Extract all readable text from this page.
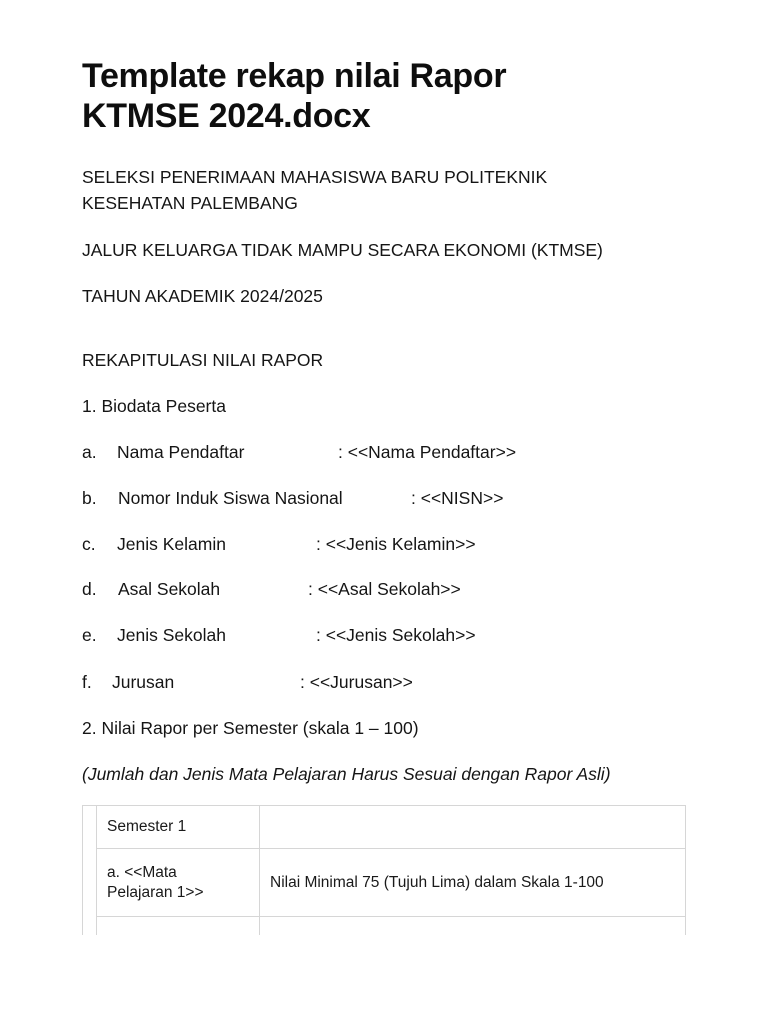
Template rekap nilai Rapor
KTMSE 2024.docx
SELEKSI PENERIMAAN MAHASISWA BARU POLITEKNIK
KESEHATAN PALEMBANG
JALUR KELUARGA TIDAK MAMPU SECARA EKONOMI (KTMSE)
TAHUN AKADEMIK 2024/2025
REKAPITULASI NILAI RAPOR
1. Biodata Peserta
a. Nama Pendaftar	: <<Nama Pendaftar>>
b. Nomor Induk Siswa Nasional	: <<NISN>>
c. Jenis Kelamin	: <<Jenis Kelamin>>
d. Asal Sekolah	: <<Asal Sekolah>>
e. Jenis Sekolah	: <<Jenis Sekolah>>
f. Jurusan	: <<Jurusan>>
2. Nilai Rapor per Semester (skala 1 – 100)
(Jumlah dan Jenis Mata Pelajaran Harus Sesuai dengan Rapor Asli)
	Semester 1	

	a. <<Mata
Pelajaran 1>>	Nilai Minimal 75 (Tujuh Lima) dalam Skala 1-100
